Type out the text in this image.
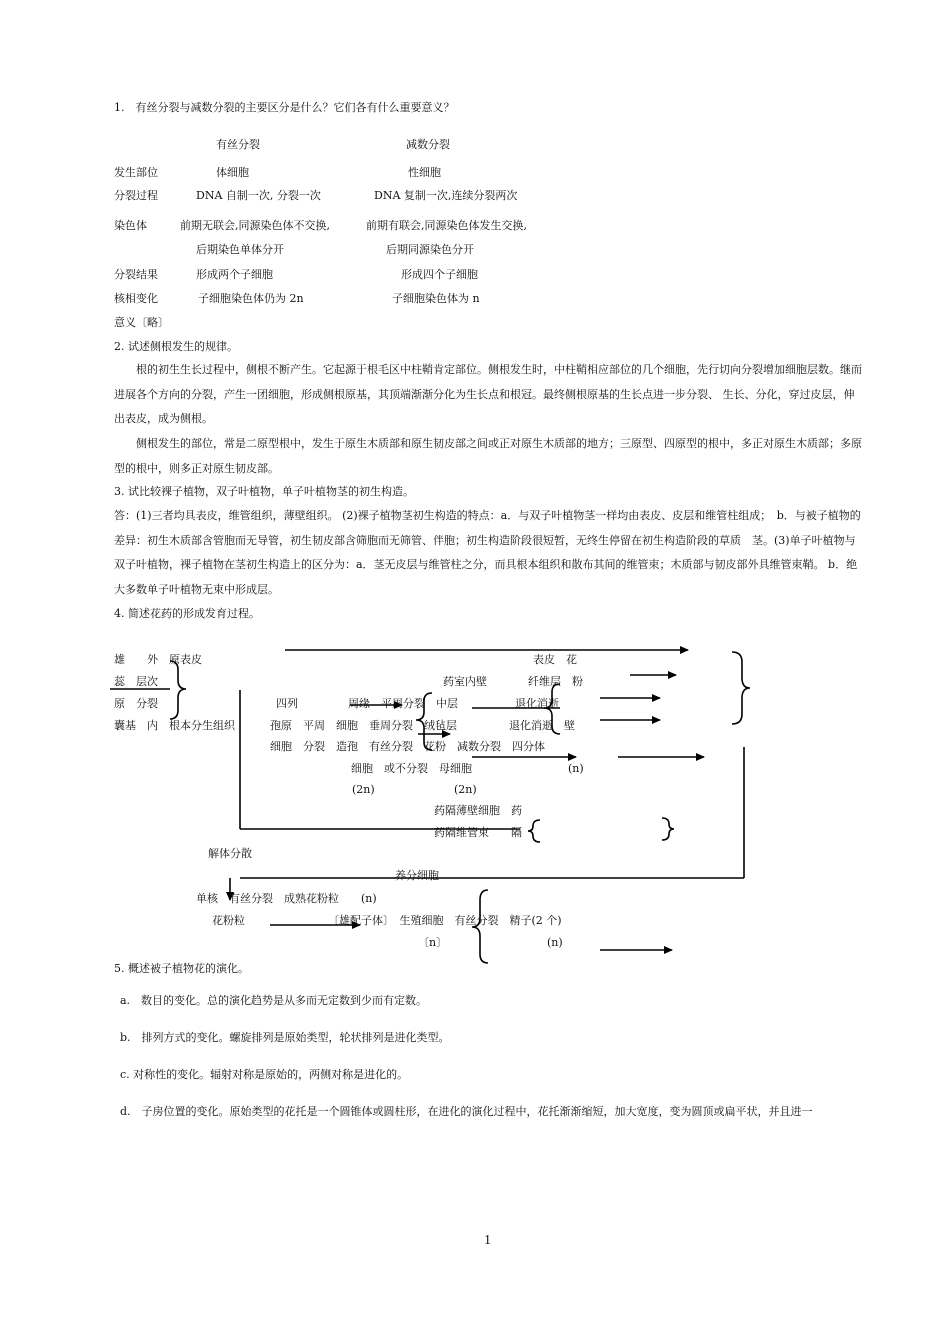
1.　有丝分裂与减数分裂的主要区分是什么？它们各有什么重要意义？
有丝分裂	减数分裂
发生部位	体细胞	性细胞
分裂过程	DNA 自制一次, 分裂一次	DNA 复制一次,连续分裂两次
染色体	前期无联会,同源染色体不交换,	前期有联会,同源染色体发生交换,
后期染色单体分开	后期同源染色分开
分裂结果	形成两个子细胞	形成四个子细胞
核相变化	子细胞染色体仍为 2n	子细胞染色体为 n
意义〔略〕
2. 试述侧根发生的规律。
根的初生生长过程中，侧根不断产生。它起源于根毛区中柱鞘肯定部位。侧根发生时，中柱鞘相应部位的几个细胞，先行切向分裂增加细胞层数。继而进展各个方向的分裂，产生一团细胞，形成侧根原基，其顶端渐渐分化为生长点和根冠。最终侧根原基的生长点进一步分裂、 生长、分化，穿过皮层，伸出表皮，成为侧根。
侧根发生的部位，常是二原型根中，发生于原生木质部和原生韧皮部之间或正对原生木质部的地方；三原型、四原型的根中，多正对原生木质部；多原型的根中，则多正对原生韧皮部。
3. 试比较裸子植物，双子叶植物，单子叶植物茎的初生构造。
答：(1)三者均具表皮，维管组织，薄壁组织。 (2)裸子植物茎初生构造的特点：a．与双子叶植物茎一样均由表皮、皮层和维管柱组成；　b．与被子植物的差异：初生木质部含管胞而无导管，初生韧皮部含筛胞而无筛管、伴胞；初生构造阶段很短暂，无终生停留在初生构造阶段的草质　茎。(3)单子叶植物与双子叶植物，裸子植物在茎初生构造上的区分为：a．茎无皮层与维管柱之分，而具根本组织和散布其间的维管束；木质部与韧皮部外具维管束鞘。 b．绝大多数单子叶植物无束中形成层。
4. 简述花药的形成发育过程。
雄　　外　原表皮
蕊　层次
原　分裂
囊基　内　根本分生组织
四列	周缘　平周分裂　中层	退化消逝
孢原　平周　细胞　垂周分裂　绒毡层	退化消逝　壁
细胞　分裂　造孢　有丝分裂　花粉　减数分裂　四分体
细胞　或不分裂　母细胞	(n)
(2n)	(2n)
表皮　花
药室内壁	纤维层　粉
药隔薄壁细胞　药
药隔维管束　　隔
解体分散
养分细胞
单核　有丝分裂　成熟花粉粒　　(n)
花粉粒	〔雄配子体〕　生殖细胞　有丝分裂　精子(2 个)
〔n〕	(n)
5. 概述被子植物花的演化。
a.　数目的变化。总的演化趋势是从多而无定数到少而有定数。
b.　排列方式的变化。螺旋排列是原始类型，轮状排列是进化类型。
c. 对称性的变化。辐射对称是原始的，两侧对称是进化的。
d.　子房位置的变化。原始类型的花托是一个圆锥体或圆柱形，在进化的演化过程中，花托渐渐缩短，加大宽度，变为圆顶或扁平状，并且进一
1
